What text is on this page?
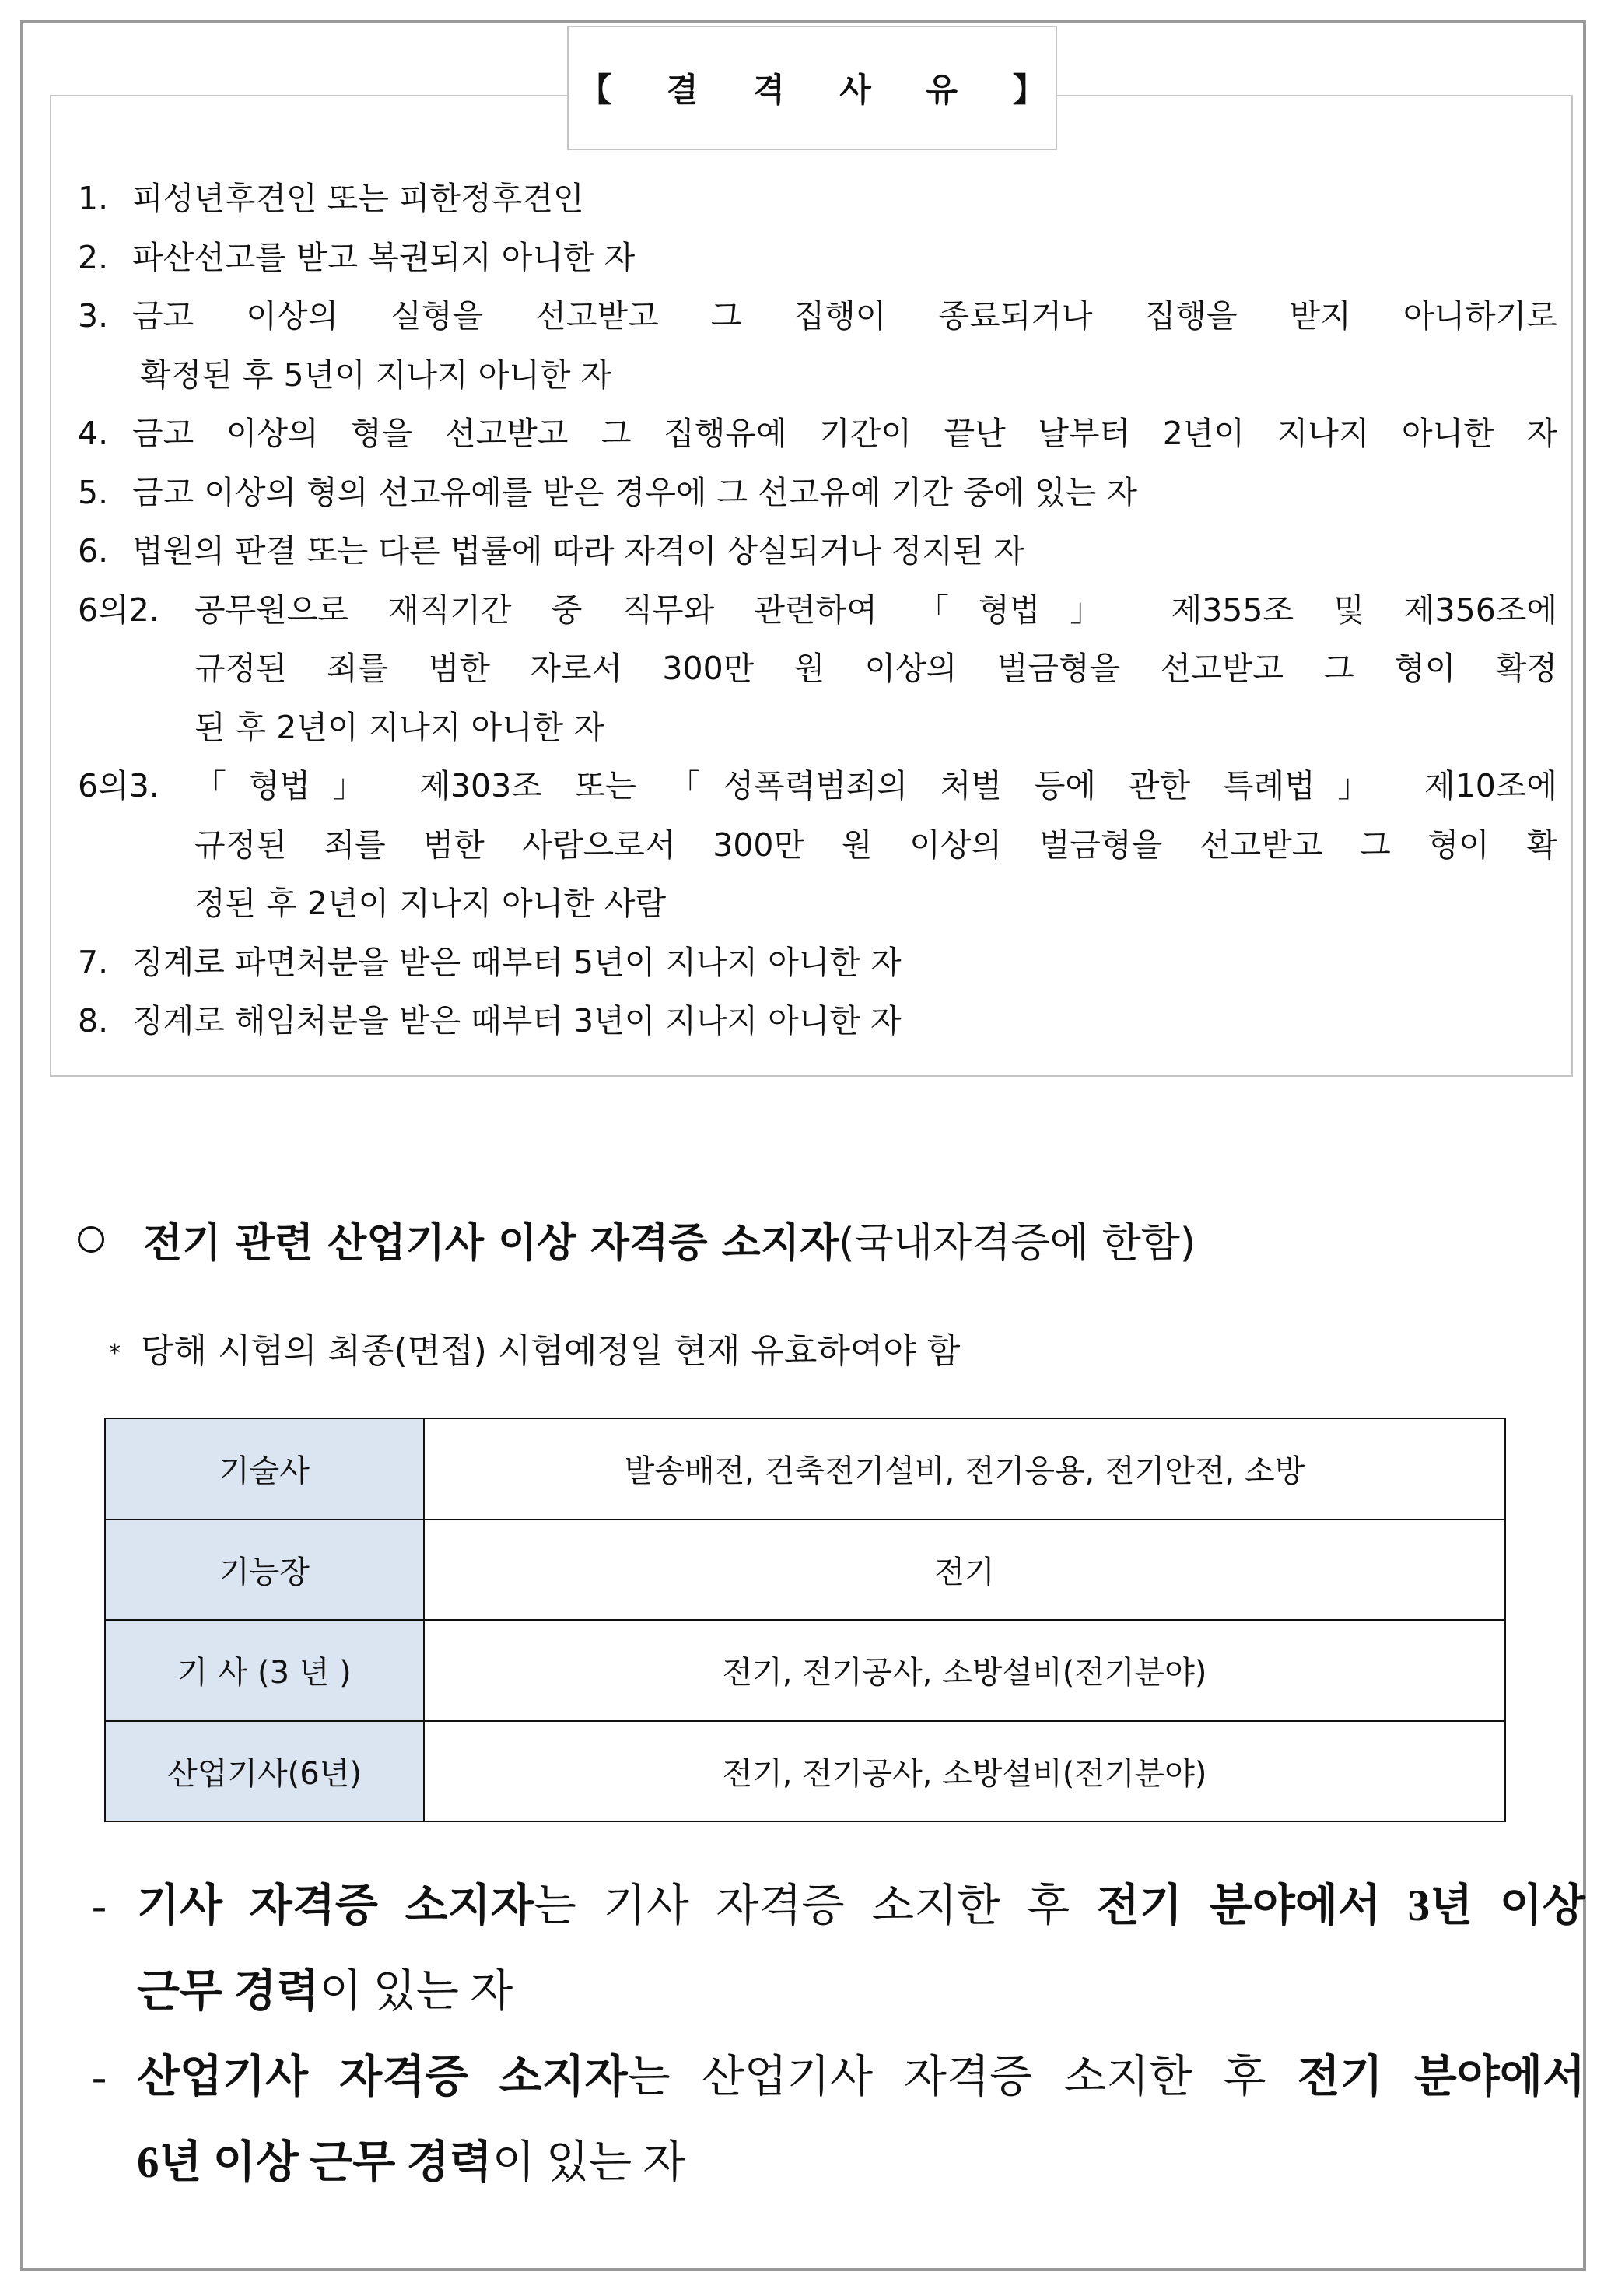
【 결 격 사 유 】
1. 피성년후견인 또는 피한정후견인
2. 파산선고를 받고 복권되지 아니한 자
3. 금고 이상의 실형을 선고받고 그 집행이 종료되거나 집행을 받지 아니하기로
확정된 후 5년이 지나지 아니한 자
4. 금고 이상의 형을 선고받고 그 집행유예 기간이 끝난 날부터 2년이 지나지 아니한 자
5. 금고 이상의 형의 선고유예를 받은 경우에 그 선고유예 기간 중에 있는 자
6. 법원의 판결 또는 다른 법률에 따라 자격이 상실되거나 정지된 자
6의2.	공무원으로 재직기간 중 직무와 관련하여 「형법」 제355조 및 제356조에
규정된 죄를 범한 자로서 300만 원 이상의 벌금형을 선고받고 그 형이 확정
된 후 2년이 지나지 아니한 자
6의3.	「형법」 제303조 또는 「성폭력범죄의 처벌 등에 관한 특례법」 제10조에
규정된 죄를 범한 사람으로서 300만 원 이상의 벌금형을 선고받고 그 형이 확
정된 후 2년이 지나지 아니한 사람
7. 징계로 파면처분을 받은 때부터 5년이 지나지 아니한 자
8. 징계로 해임처분을 받은 때부터 3년이 지나지 아니한 자
전기 관련 산업기사 이상 자격증 소지자 (국내자격증에 한함)
* 당해 시험의 최종(면접) 시험예정일 현재 유효하여야 함
기술사	발송배전, 건축전기설비, 전기응용, 전기안전, 소방
기능장	전기
기 사 (3 년 )	전기, 전기공사, 소방설비(전기분야)
산업기사(6년)	전기, 전기공사, 소방설비(전기분야)
- 기사 자격증 소지자는 기사 자격증 소지한 후 전기 분야에서 3년 이상
근무 경력이 있는 자
- 산업기사 자격증 소지자는 산업기사 자격증 소지한 후 전기 분야에서
6년 이상 근무 경력이 있는 자
